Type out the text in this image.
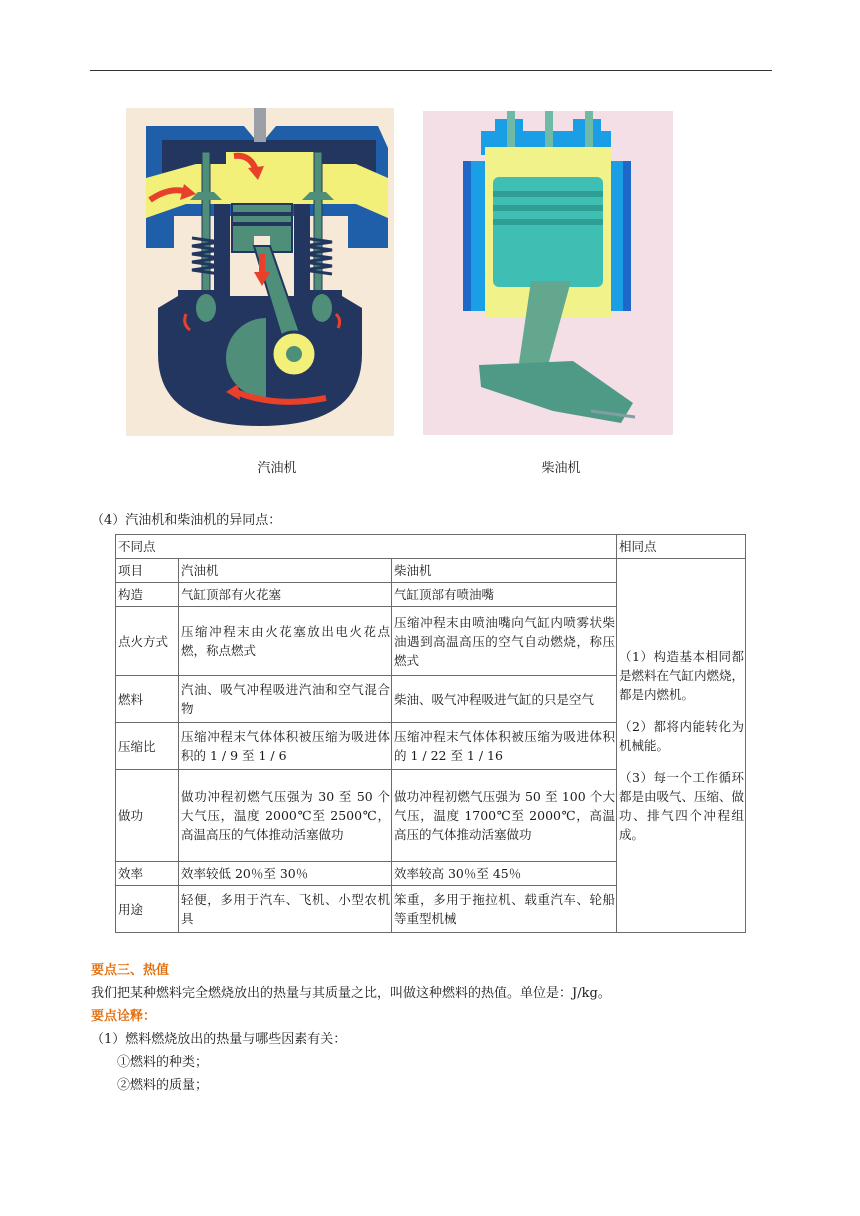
汽油机	柴油机
（4）汽油机和柴油机的异同点：
不同点			相同点
项目	汽油机	柴油机	（1）构造基本相同都是燃料在气缸内燃烧，都是内燃机。

（2）都将内能转化为机械能。

（3）每一个工作循环都是由吸气、压缩、做功、排气四个冲程组成。

构造	气缸顶部有火花塞	气缸顶部有喷油嘴	
点火方式	压缩冲程末由火花塞放出电火花点燃，称点燃式	压缩冲程末由喷油嘴向气缸内喷雾状柴油遇到高温高压的空气自动燃烧，称压燃式	
燃料	汽油、吸气冲程吸进汽油和空气混合物	柴油、吸气冲程吸进气缸的只是空气	
压缩比	压缩冲程末气体体积被压缩为吸进体积的 1 / 9 至 1 / 6	压缩冲程末气体体积被压缩为吸进体积的 1 / 22 至 1 / 16	
做功	做功冲程初燃气压强为 30 至 50 个大气压，温度 2000℃至 2500℃，高温高压的气体推动活塞做功	做功冲程初燃气压强为 50 至 100 个大气压，温度 1700℃至 2000℃，高温高压的气体推动活塞做功	
效率	效率较低 20％至 30％	效率较高 30％至 45％	
用途	轻便，多用于汽车、飞机、小型农机具	笨重，多用于拖拉机、载重汽车、轮船等重型机械	
要点三、热值
我们把某种燃料完全燃烧放出的热量与其质量之比，叫做这种燃料的热值。单位是：J/kg。
要点诠释：
（1）燃料燃烧放出的热量与哪些因素有关：
①燃料的种类；
②燃料的质量；
